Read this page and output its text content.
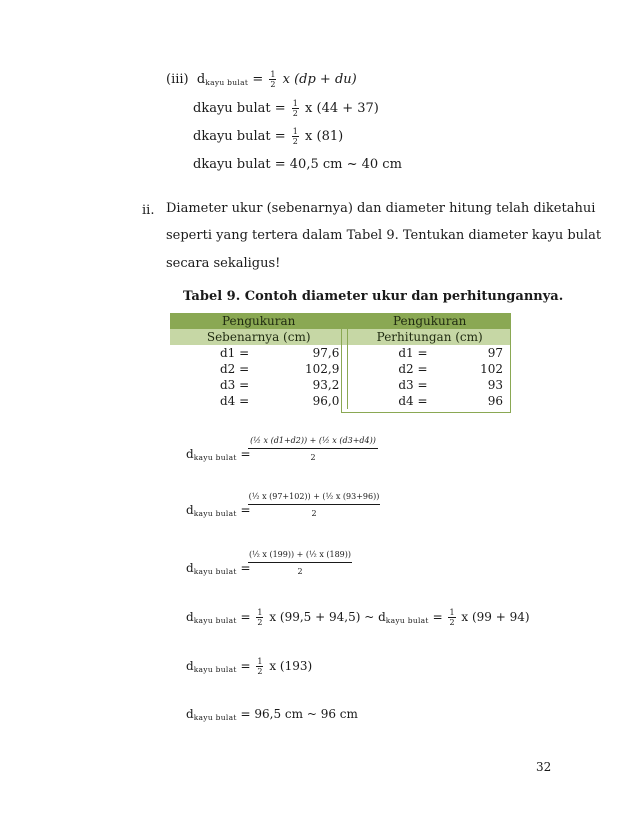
(iii) $d_{kayu bulat} = \frac{1}{2}$ x (dp + du)
dkayu bulat = $\frac{1}{2}$ x (44 + 37)
dkayu bulat = $\frac{1}{2}$ x (81)
dkayu bulat = 40,5 cm ~ 40 cm
ii. Diameter ukur (sebenarnya) dan diameter hitung telah diketahui
seperti yang tertera dalam Tabel 9. Tentukan diameter kayu bulat
secara sekaligus!
Tabel 9. Contoh diameter ukur dan perhitungannya.
Pengukuran		Pengukuran	
Sebenarnya (cm)		Perhitungan (cm)	
d1 =	97,6	d1 =	97
d2 =	102,9	d2 =	102
d3 =	93,2	d3 =	93
d4 =	96,0	d4 =	96
$d_{kayu bulat}$ =
$\frac{\text{(½ x (d1+d2)) + (½ x (d3+d4))}}{2}$
$d_{kayu bulat}$ =
$\frac{\text{(½ x (97+102)) + (½ x (93+96))}}{2}$
$d_{kayu bulat}$ =
$\frac{\text{(½ x (199)) + (½ x (189))}}{2}$
$d_{kayu bulat} = \frac{1}{2}$ x (99,5 + 94,5) ~ $d_{kayu bulat} = \frac{1}{2}$ x (99 + 94)
$d_{kayu bulat} = \frac{1}{2}$ x (193)
$d_{kayu bulat} = 96,5$ cm ~ 96 cm
32
